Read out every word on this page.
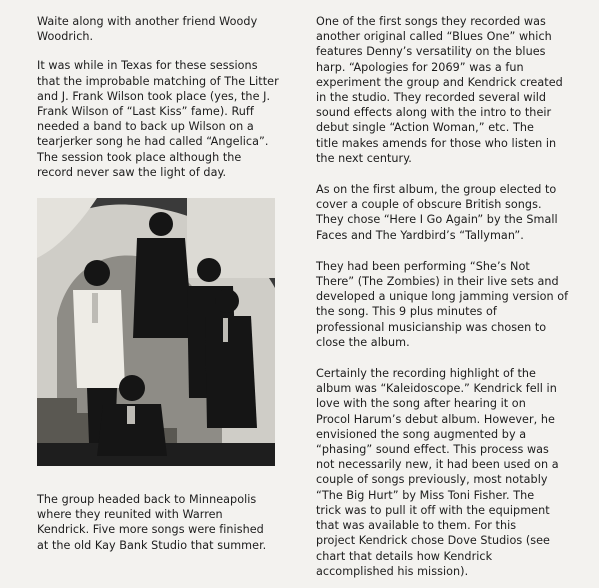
Waite along with another friend Woody
Woodrich.

It was while in Texas for these sessions
that the improbable matching of The Litter
and J. Frank Wilson took place (yes, the J.
Frank Wilson of “Last Kiss” fame). Ruff
needed a band to back up Wilson on a
tearjerker song he had called “Angelica”.
The session took place although the
record never saw the light of day.

The group headed back to Minneapolis
where they reunited with Warren
Kendrick. Five more songs were finished
at the old Kay Bank Studio that summer.

One of the first songs they recorded was
another original called “Blues One” which
features Denny’s versatility on the blues
harp. “Apologies for 2069” was a fun
experiment the group and Kendrick created
in the studio. They recorded several wild
sound effects along with the intro to their
debut single “Action Woman,” etc. The
title makes amends for those who listen in
the next century.

As on the first album, the group elected to
cover a couple of obscure British songs.
They chose “Here I Go Again” by the Small
Faces and The Yardbird’s “Tallyman”.

They had been performing “She’s Not
There” (The Zombies) in their live sets and
developed a unique long jamming version of
the song. This 9 plus minutes of
professional musicianship was chosen to
close the album.

Certainly the recording highlight of the
album was “Kaleidoscope.” Kendrick fell in
love with the song after hearing it on
Procol Harum’s debut album. However, he
envisioned the song augmented by a
“phasing” sound effect. This process was
not necessarily new, it had been used on a
couple of songs previously, most notably
“The Big Hurt” by Miss Toni Fisher. The
trick was to pull it off with the equipment
that was available to them. For this
project Kendrick chose Dove Studios (see
chart that details how Kendrick
accomplished his mission).
